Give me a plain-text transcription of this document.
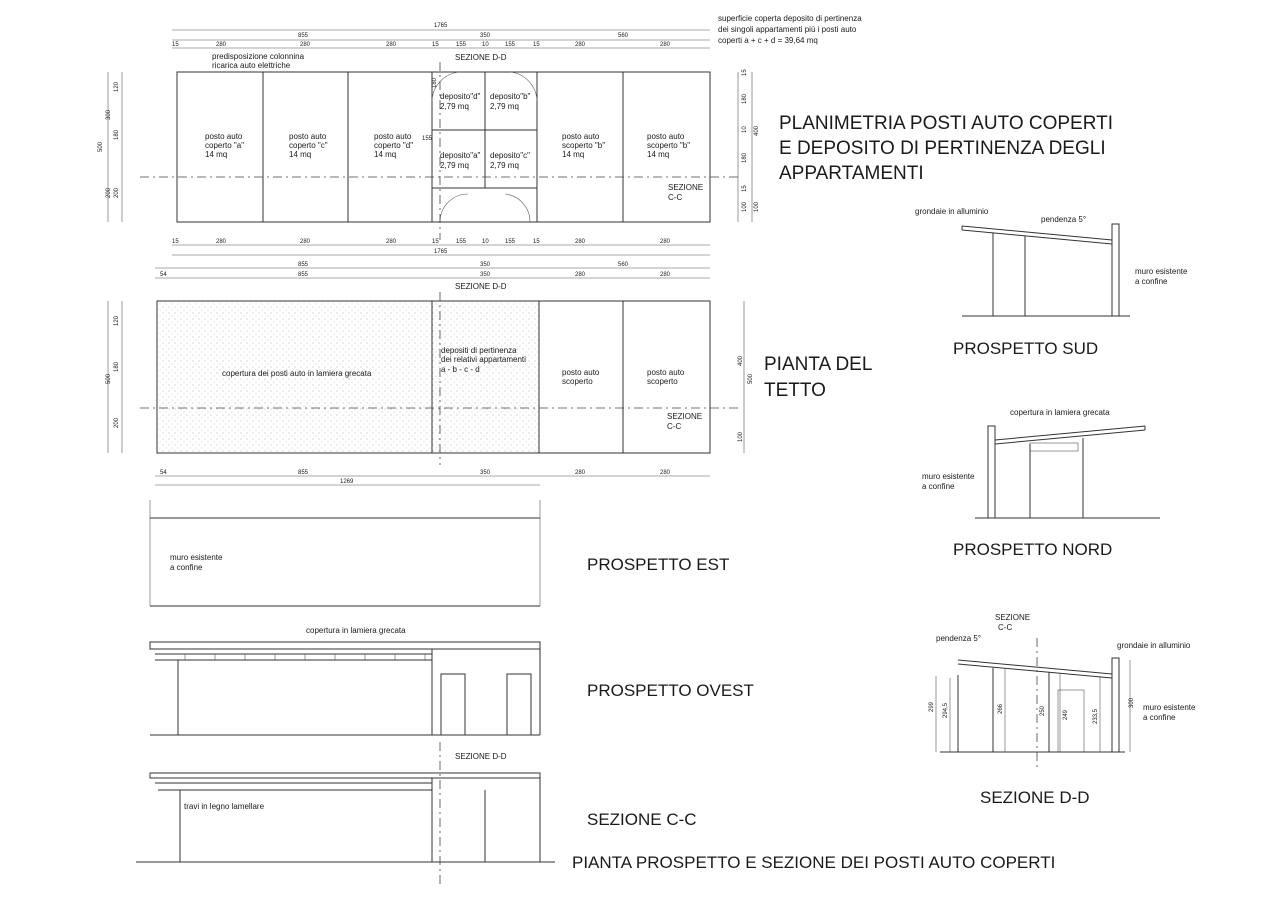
superficie coperta deposito di pertinenza
dei singoli appartamenti più i posti auto
coperti a + c + d = 39,64 mq
1765
855	350	560
15	280	280	280	15	155	10	155	15	280	280
predisposizione colonnina
ricarica auto elettriche
SEZIONE D-D
posto auto
coperto "a"
14 mq
posto auto
coperto "c"
14 mq
posto auto
coperto "d"
14 mq
posto auto
scoperto "b"
14 mq
posto auto
scoperto "b"
14 mq
deposito"d"
2,79 mq
deposito"b"
2,79 mq
deposito"a"
2,79 mq
deposito"c"
2,79 mq
155
180
SEZIONE
C-C
500
300
200
120
180
200
15
180
10
180
15
100
400
100
15	280	280	280	15	155	10	155	15	280	280
1765
PLANIMETRIA POSTI AUTO COPERTI
E DEPOSITO DI PERTINENZA DEGLI
APPARTAMENTI
855	350	560
54	855	350	280	280
SEZIONE D-D
copertura dei posti auto in lamiera grecata
depositi di pertinenza
dei relativi appartamenti
a - b - c - d	posto auto
scoperto
posto auto
scoperto
SEZIONE
C-C
500
120
180
200
400
500
100
54	855	350	280	280
1269
PIANTA DEL
TETTO
grondaie in alluminio
pendenza 5°
muro esistente
a confine
PROSPETTO SUD
copertura in lamiera grecata
muro esistente
a confine
PROSPETTO NORD
muro esistente
a confine	PROSPETTO EST
copertura in lamiera grecata
PROSPETTO OVEST
SEZIONE D-D
travi in legno lamellare
SEZIONE C-C
SEZIONE
C-C
pendenza 5°
grondaie in alluminio
muro esistente
a confine
299 294,5	266	250	249	233,5
300
SEZIONE D-D
PIANTA PROSPETTO E SEZIONE DEI POSTI AUTO COPERTI
